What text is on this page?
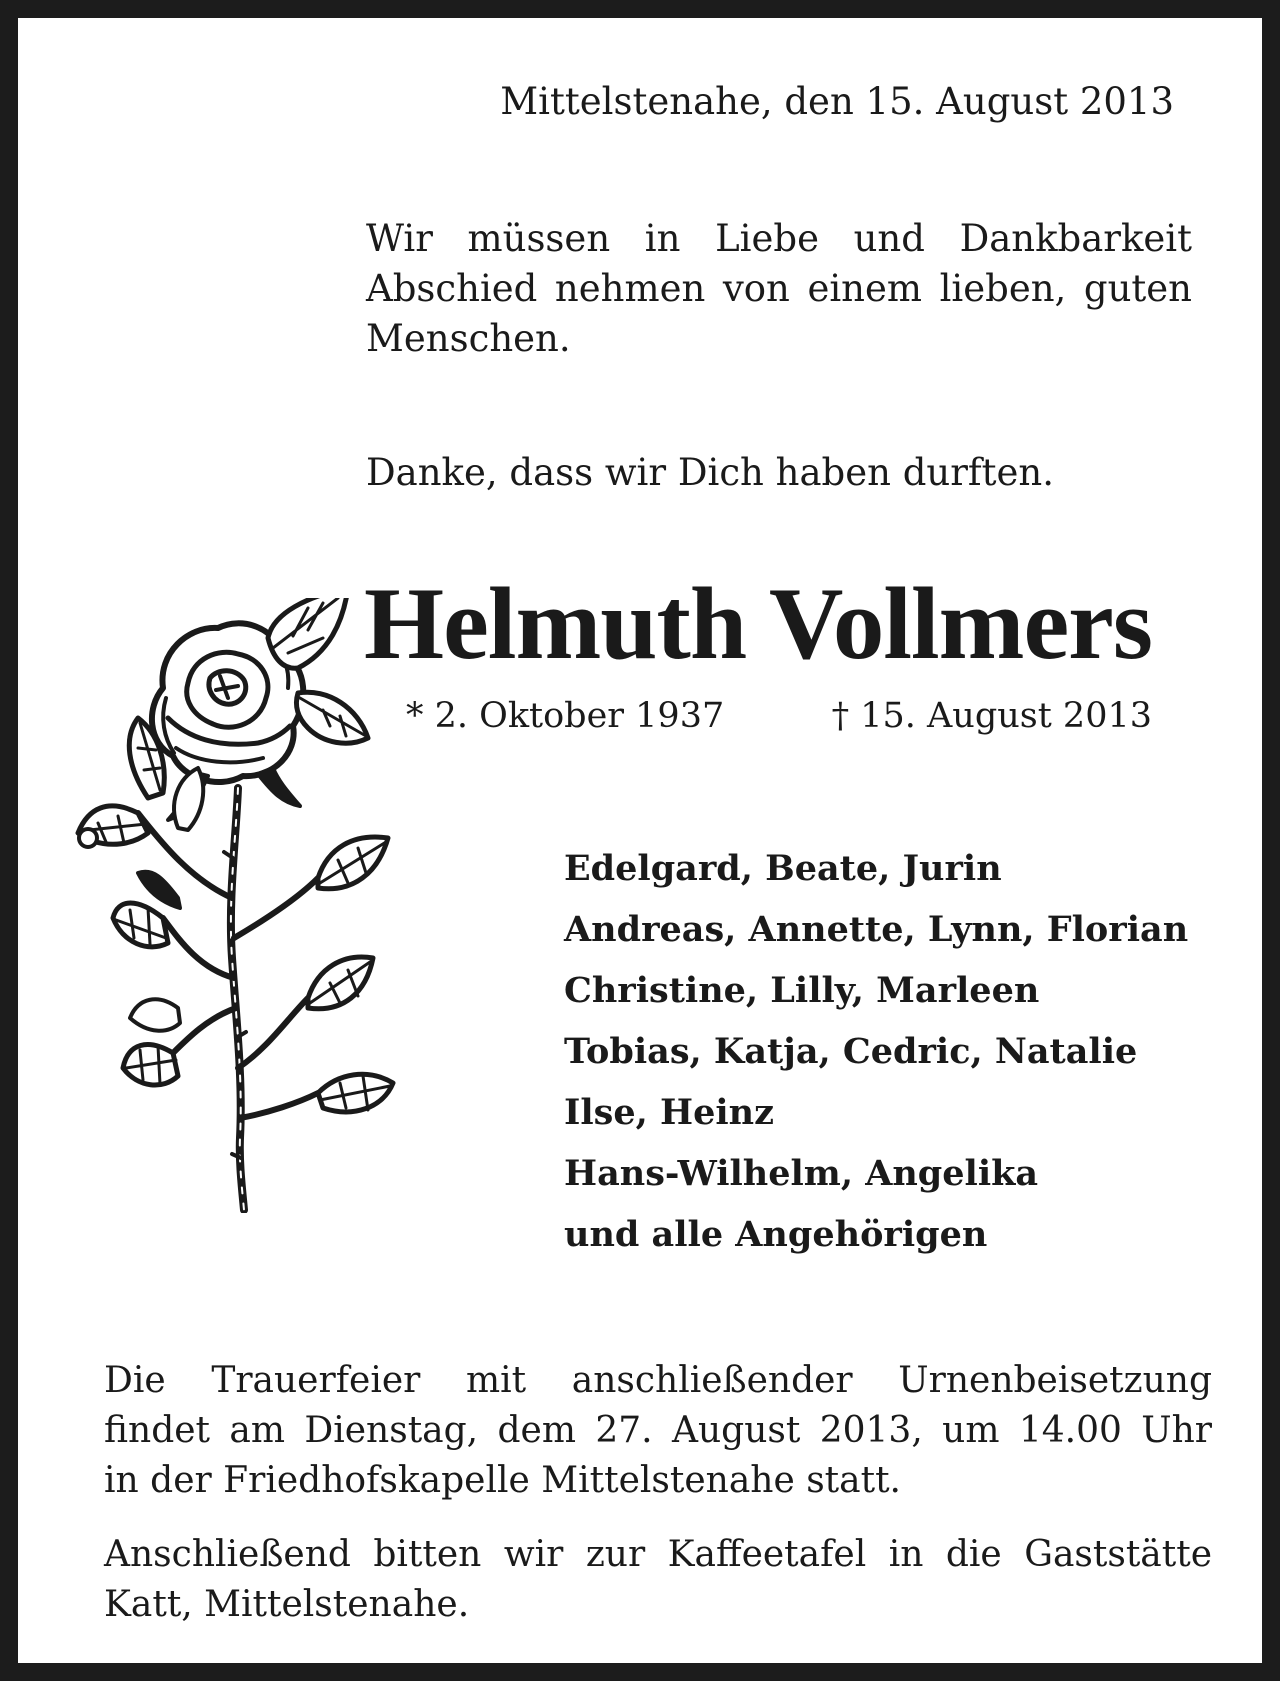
Mittelstenahe, den 15. August 2013
Wir müssen in Liebe und Dankbarkeit
Abschied nehmen von einem lieben, guten
Menschen.
Danke, dass wir Dich haben durften.
Helmuth Vollmers
* 2. Oktober 1937	† 15. August 2013
Edelgard, Beate, Jurin
Andreas, Annette, Lynn, Florian
Christine, Lilly, Marleen
Tobias, Katja, Cedric, Natalie
Ilse, Heinz
Hans-Wilhelm, Angelika
und alle Angehörigen
Die Trauerfeier mit anschließender Urnenbeisetzung
findet am Dienstag, dem 27. August 2013, um 14.00 Uhr
in der Friedhofskapelle Mittelstenahe statt.
Anschließend bitten wir zur Kaffeetafel in die Gaststätte
Katt, Mittelstenahe.
